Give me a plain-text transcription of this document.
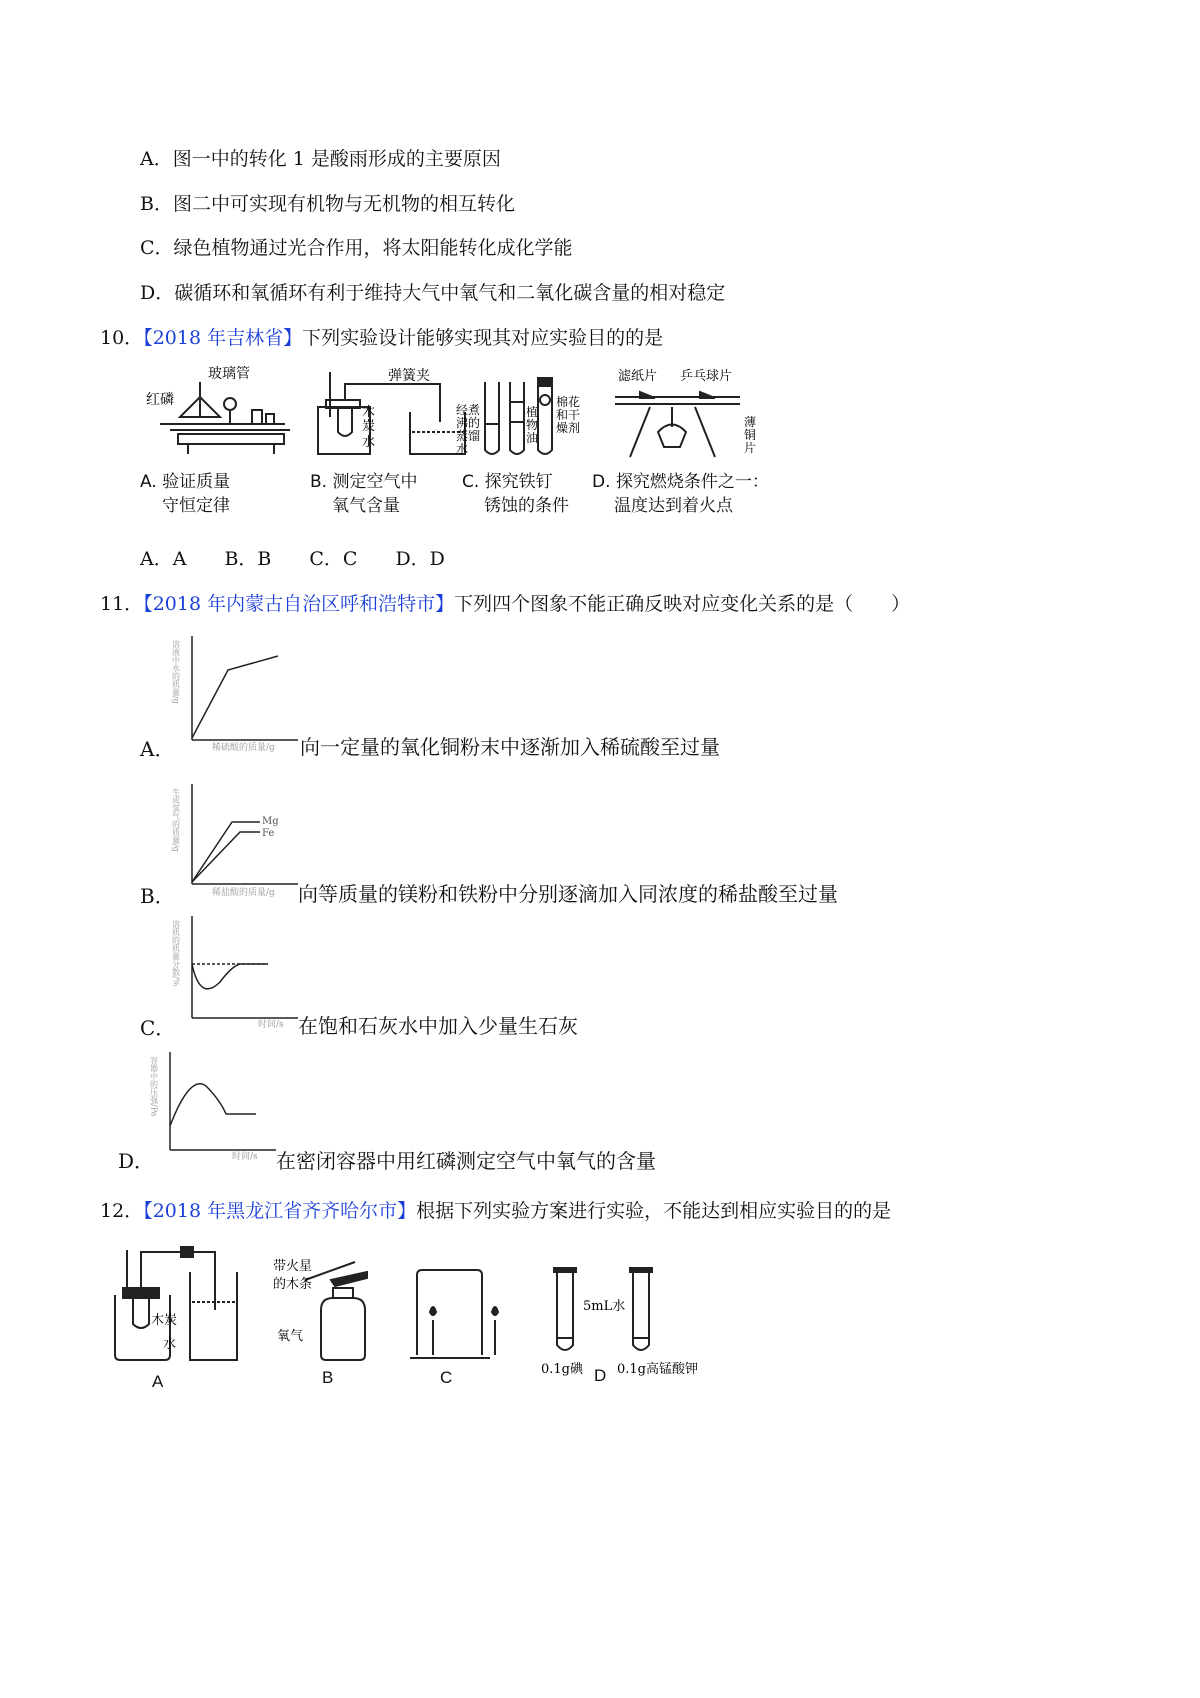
A．图一中的转化 1 是酸雨形成的主要原因
B．图二中可实现有机物与无机物的相互转化
C．绿色植物通过光合作用，将太阳能转化成化学能
D．碳循环和氧循环有利于维持大气中氧气和二氧化碳含量的相对稳定
10．【2018 年吉林省】下列实验设计能够实现其对应实验目的的是
玻璃管
红磷
弹簧夹
木
炭
水
经煮
沸的
蒸馏
水
植
物
油
棉花
和干
燥剂
滤纸片 乒乓球片
薄
铜
片
A. 验证质量
守恒定律
B. 测定空气中
氧气含量
C. 探究铁钉
锈蚀的条件
D. 探究燃烧条件之一：
温度达到着火点
A．A　　B．B　　C．C　　D．D
11．【2018 年内蒙古自治区呼和浩特市】下列四个图象不能正确反映对应变化关系的是（　　）
A．
溶液中水的质量/g
稀硫酸的质量/g 向一定量的氧化铜粉末中逐渐加入稀硫酸至过量
B．
生成氢气的质量/g
稀盐酸的质量/g
Mg
Fe
向等质量的镁粉和铁粉中分别逐滴加入同浓度的稀盐酸至过量
C．
溶质的质量分数/%
时间/s 在饱和石灰水中加入少量生石灰
D．
容器中的压强/Pa
时间/s 在密闭容器中用红磷测定空气中氧气的含量
12．【2018 年黑龙江省齐齐哈尔市】根据下列实验方案进行实验，不能达到相应实验目的的是
木炭
水
带火星
的木条
氧气
5mL水
0.1g碘	0.1g高锰酸钾
A	B	C	D
